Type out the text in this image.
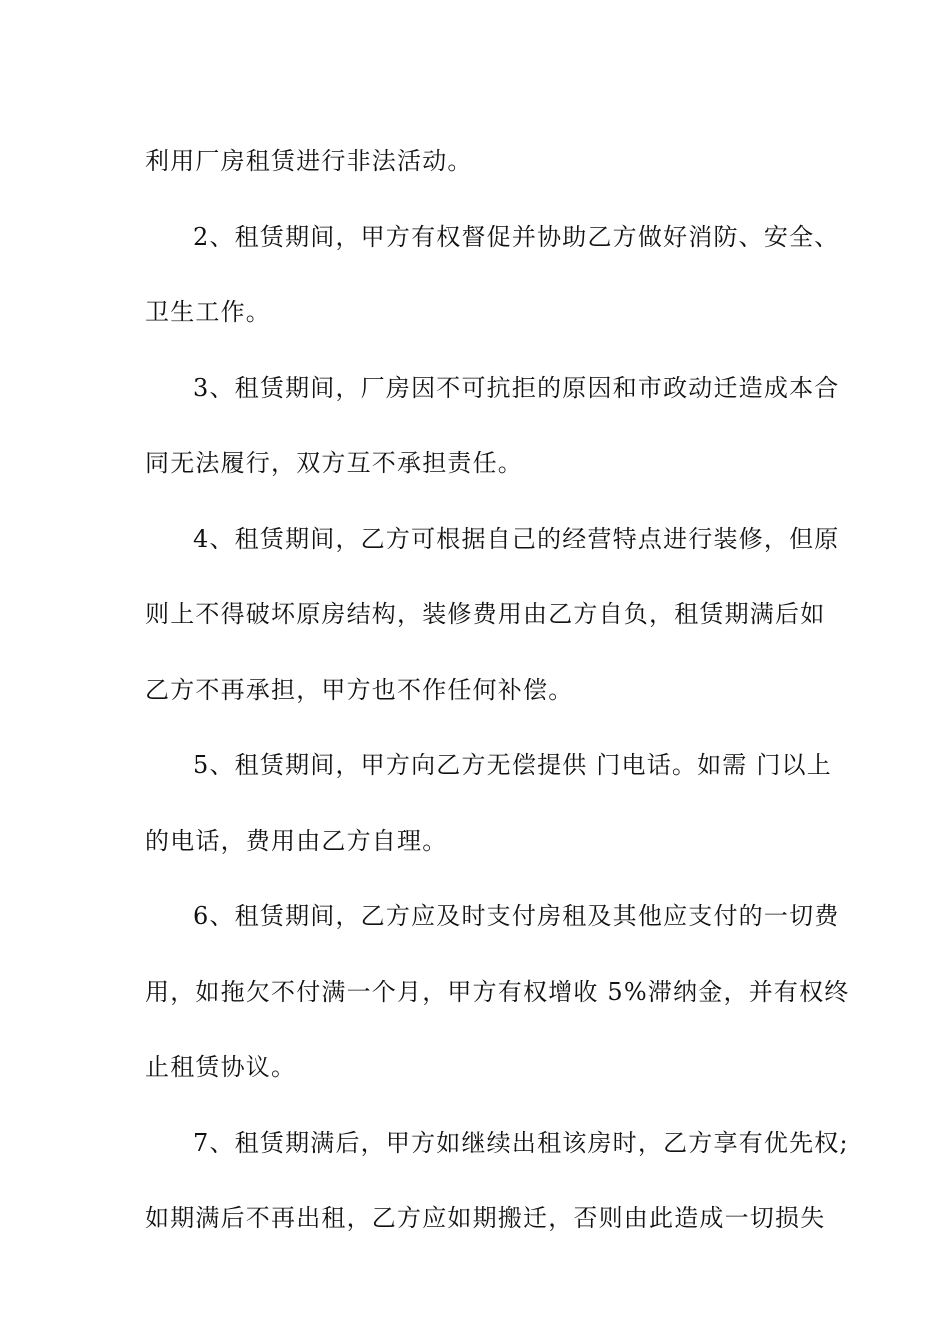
利用厂房租赁进行非法活动。
2、租赁期间，甲方有权督促并协助乙方做好消防、安全、
卫生工作。
3、租赁期间，厂房因不可抗拒的原因和市政动迁造成本合
同无法履行，双方互不承担责任。
4、租赁期间，乙方可根据自己的经营特点进行装修，但原
则上不得破坏原房结构，装修费用由乙方自负，租赁期满后如
乙方不再承担，甲方也不作任何补偿。
5、租赁期间，甲方向乙方无偿提供 门电话。如需 门以上
的电话，费用由乙方自理。
6、租赁期间，乙方应及时支付房租及其他应支付的一切费
用，如拖欠不付满一个月，甲方有权增收 5%滞纳金，并有权终
止租赁协议。
7、租赁期满后，甲方如继续出租该房时，乙方享有优先权;
如期满后不再出租，乙方应如期搬迁，否则由此造成一切损失
